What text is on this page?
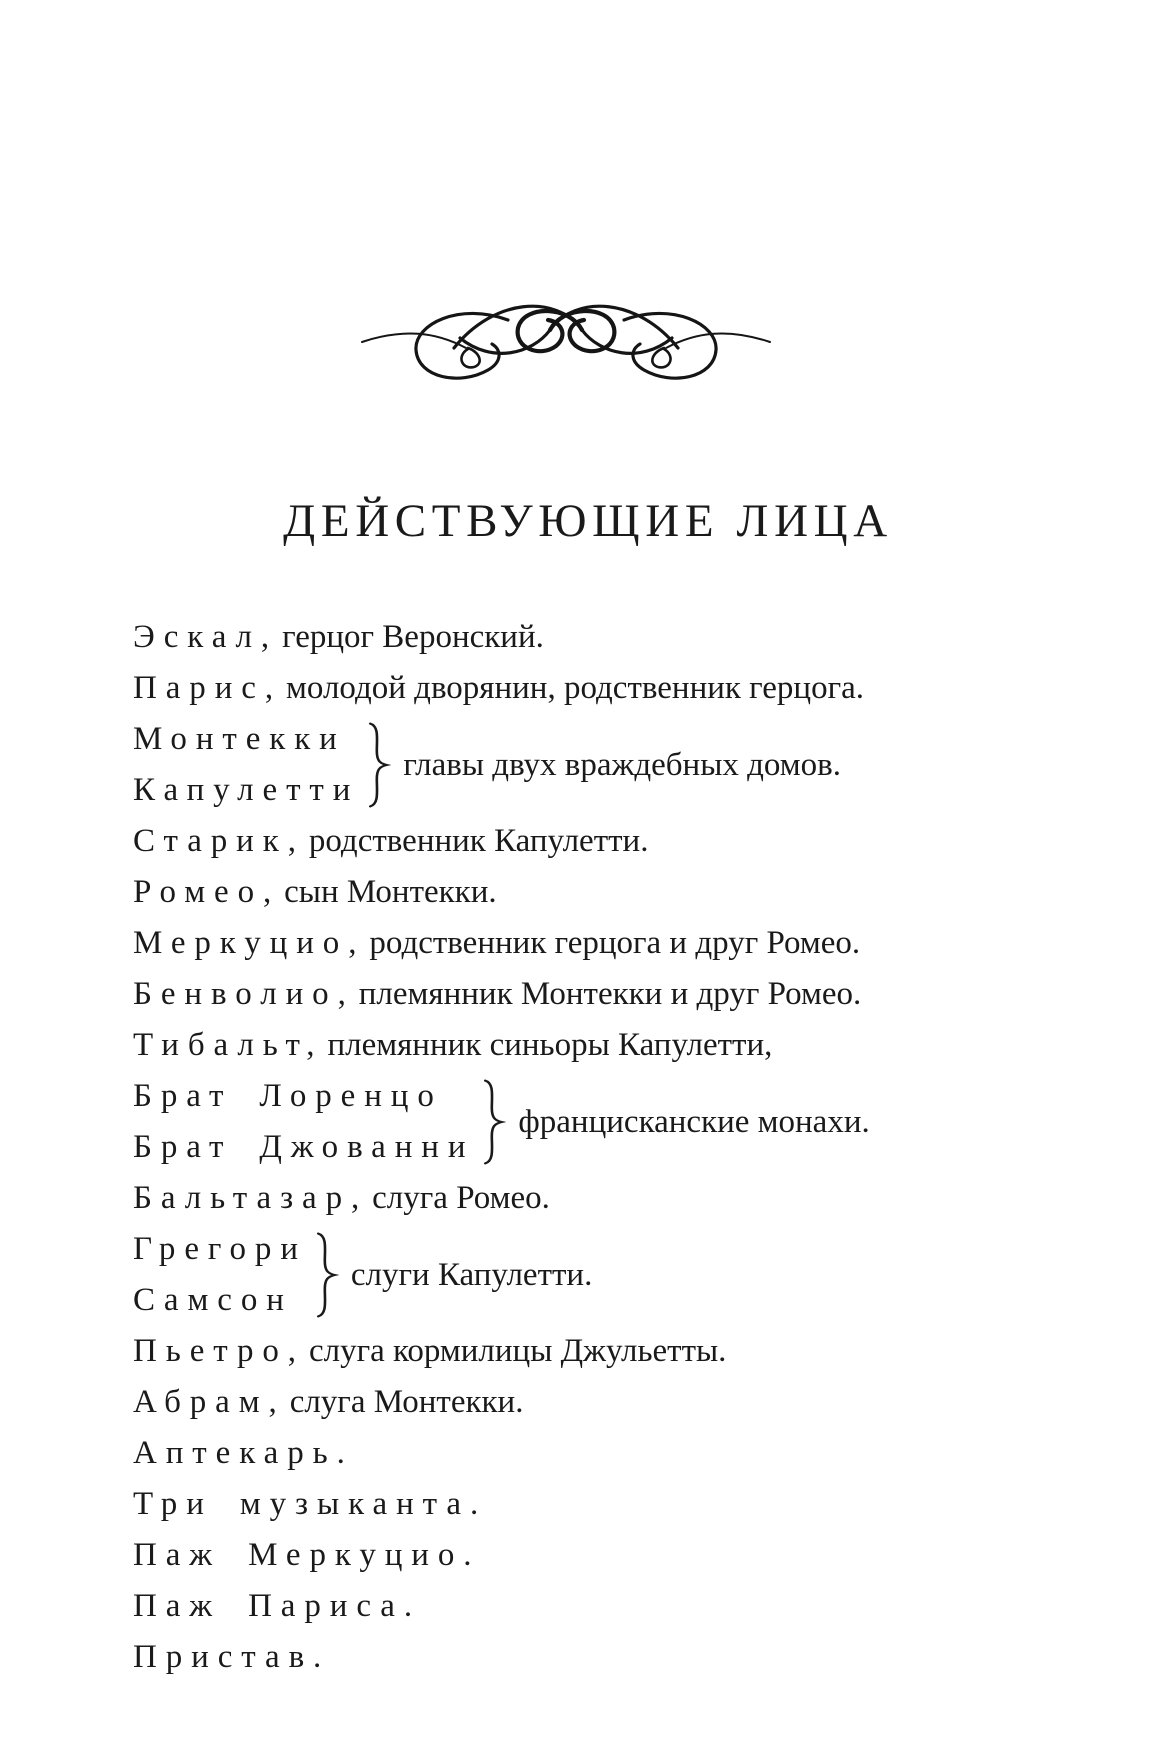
ДЕЙСТВУЮЩИЕ ЛИЦА
Эскал, герцог Веронский.
Парис, молодой дворянин, родственник герцога.
Монтекки
Капулетти
главы двух враждебных домов.
Старик, родственник Капулетти.
Ромео, сын Монтекки.
Меркуцио, родственник герцога и друг Ромео.
Бенволио, племянник Монтекки и друг Ромео.
Тибальт, племянник синьоры Капулетти,
Брат Лоренцо
Брат Джованни
францисканские монахи.
Бальтазар, слуга Ромео.
Грегори
Самсон
слуги Капулетти.
Пьетро, слуга кормилицы Джульетты.
Абрам, слуга Монтекки.
Аптекарь.
Три музыканта.
Паж Меркуцио.
Паж Париса.
Пристав.
